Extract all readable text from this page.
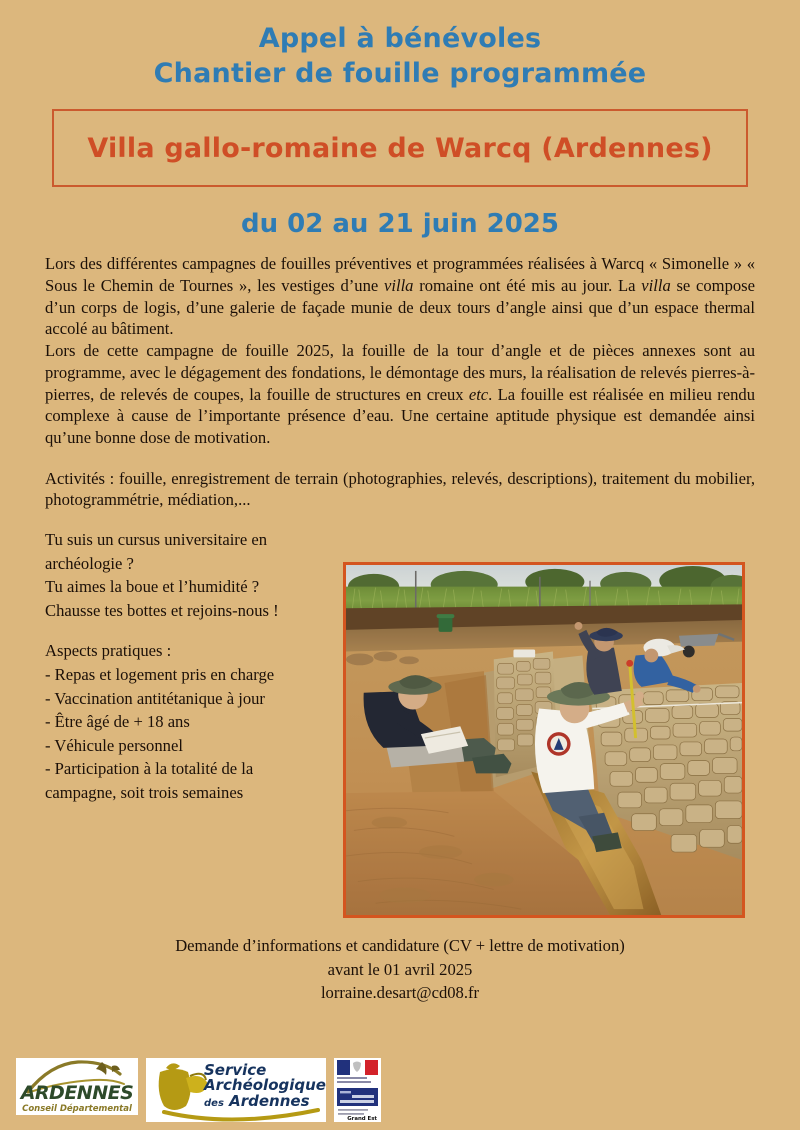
Appel à bénévoles
Chantier de fouille programmée
Villa gallo-romaine de Warcq (Ardennes)
du 02 au 21 juin 2025

Lors des différentes campagnes de fouilles préventives et programmées réalisées à Warcq « Simonelle » « Sous le Chemin de Tournes », les vestiges d’une villa romaine ont été mis au jour. La villa se compose d’un corps de logis, d’une galerie de façade munie de deux tours d’angle ainsi que d’un espace thermal accolé au bâtiment.

Lors de cette campagne de fouille 2025, la fouille de la tour d’angle et de pièces annexes sont au programme, avec le dégagement des fondations, le démontage des murs, la réalisation de relevés pierres-à-pierres, de relevés de coupes, la fouille de structures en creux etc. La fouille est réalisée en milieu rendu complexe à cause de l’importante présence d’eau. Une certaine aptitude physique est demandée ainsi qu’une bonne dose de motivation.

Activités : fouille, enregistrement de terrain (photographies, relevés, descriptions), traitement du mobilier, photogrammétrie, médiation,...

Tu suis un cursus universitaire en

archéologie ?

Tu aimes la boue et l’humidité ?

Chausse tes bottes et rejoins-nous !

Aspects pratiques :

- Repas et logement pris en charge

- Vaccination antitétanique à jour

- Être âgé de + 18 ans

- Véhicule personnel

- Participation à la totalité de la

campagne, soit trois semaines

Demande d’informations et candidature (CV + lettre de motivation)
avant le 01 avril 2025
lorraine.desart@cd08.fr
ARDENNES
Conseil Départemental
Service
Archéologique
des Ardennes
Grand Est
